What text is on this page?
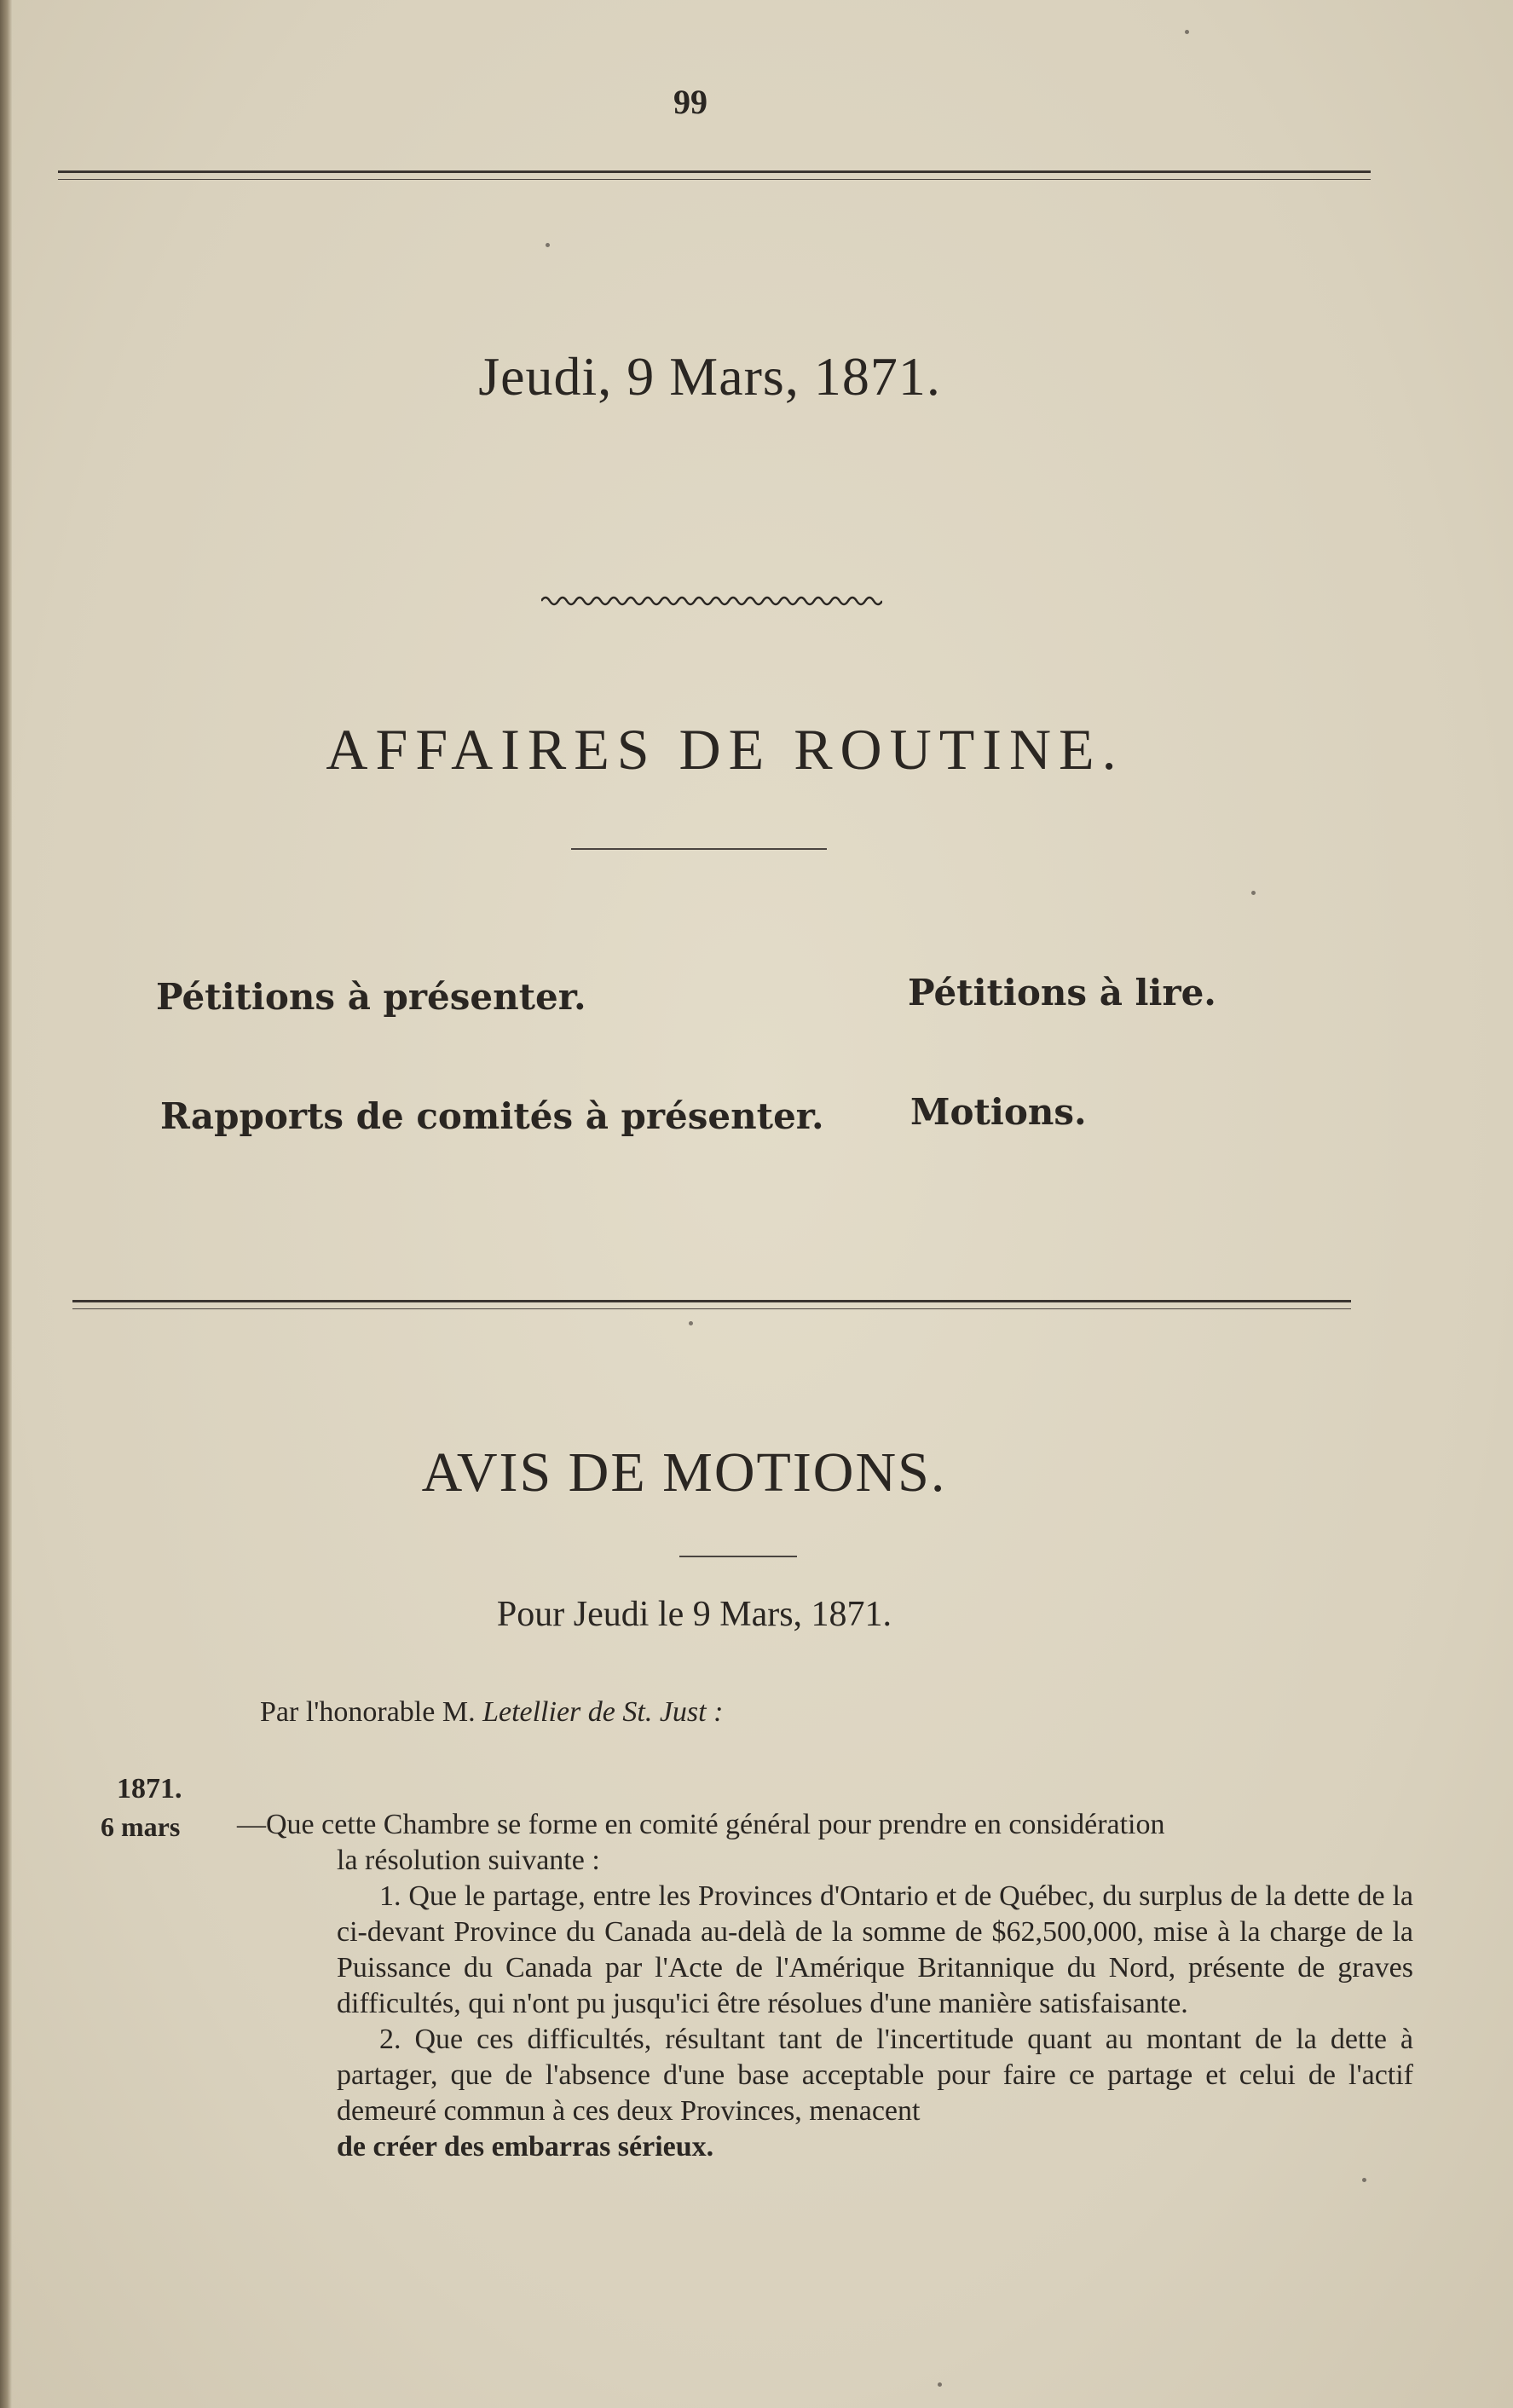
99
Jeudi, 9 Mars, 1871.
AFFAIRES DE ROUTINE.
Pétitions à présenter.	Pétitions à lire.
Rapports de comités à présenter. Motions.
AVIS DE MOTIONS.
Pour Jeudi le 9 Mars, 1871.
Par l'honorable M. Letellier de St. Just :
1871.
6 mars —Que cette Chambre se forme en comité général pour prendre en considération

la résolution suivante :

1. Que le partage, entre les Provinces d'Ontario et de Québec, du surplus de la dette de la ci-devant Province du Canada au-delà de la somme de $62,500,000, mise à la charge de la Puissance du Canada par l'Acte de l'Amérique Britannique du Nord, présente de graves difficultés, qui n'ont pu jusqu'ici être résolues d'une manière satisfaisante.

2. Que ces difficultés, résultant tant de l'incertitude quant au montant de la dette à partager, que de l'absence d'une base acceptable pour faire ce partage et celui de l'actif demeuré commun à ces deux Provinces, menacent

de créer des embarras sérieux.
